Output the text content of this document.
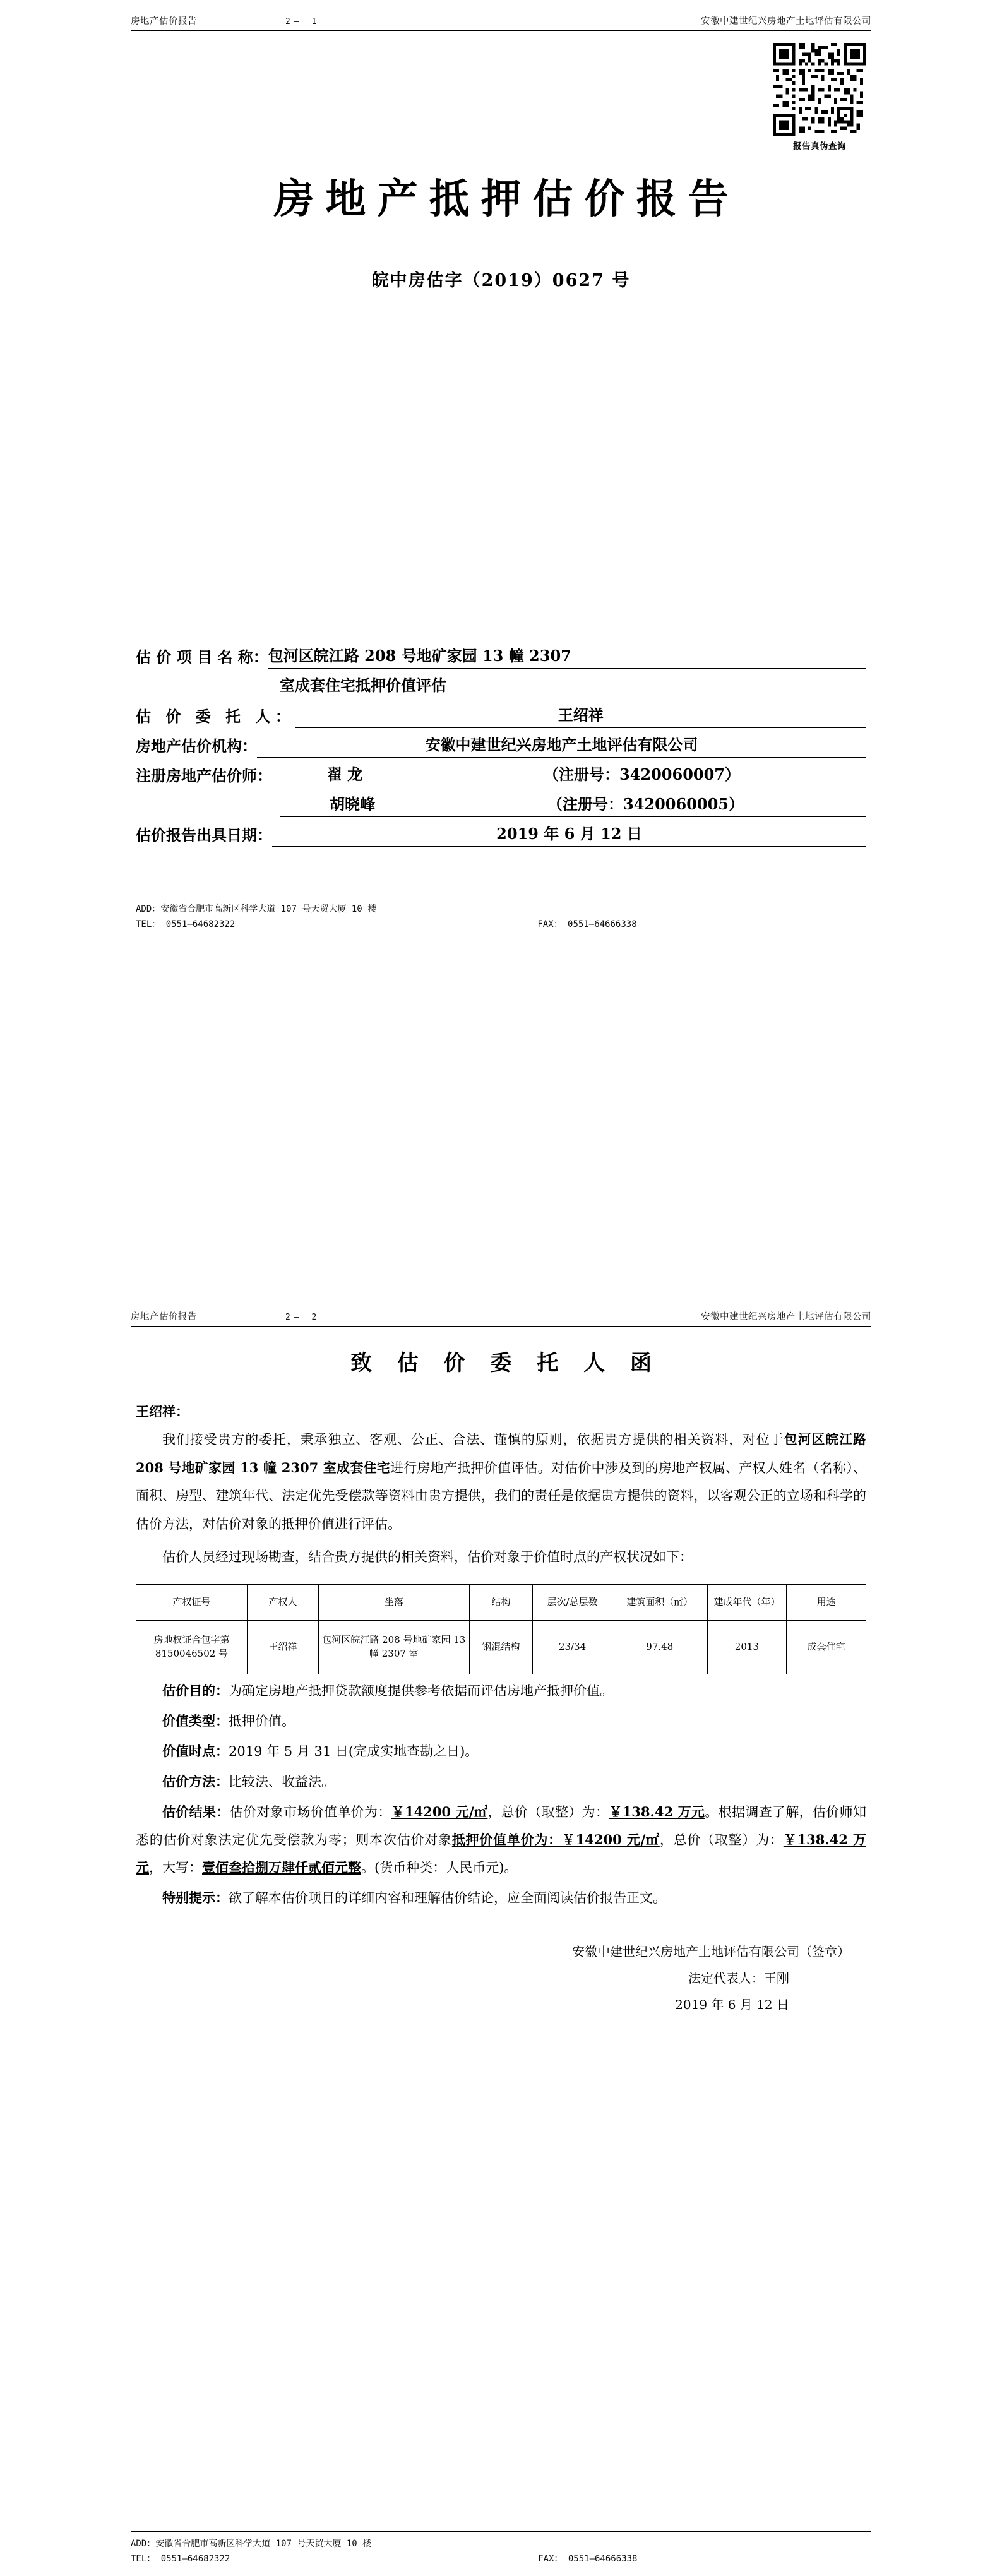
房地产估价报告	2— 1	安徽中建世纪兴房地产土地评估有限公司
报告真伪查询
房地产抵押估价报告
皖中房估字（2019）0627 号
估 价 项 目 名 称： 包河区皖江路 208 号地矿家园 13 幢 2307
室成套住宅抵押价值评估
估 价 委 托 人：	王绍祥
房地产估价机构：	安徽中建世纪兴房地产土地评估有限公司
注册房地产估价师：	翟 龙	（注册号：3420060007）
胡晓峰	（注册号：3420060005）
估价报告出具日期：	2019 年 6 月 12 日
ADD：安徽省合肥市高新区科学大道 107 号天贸大厦 10 楼
TEL： 0551—64682322	FAX： 0551—64666338
房地产估价报告	2— 2	安徽中建世纪兴房地产土地评估有限公司
致 估 价 委 托 人 函
王绍祥：
我们接受贵方的委托，秉承独立、客观、公正、合法、谨慎的原则，依据贵方提供的相关资料，对位于包河区皖江路 208 号地矿家园 13 幢 2307 室成套住宅进行房地产抵押价值评估。对估价中涉及到的房地产权属、产权人姓名（名称）、面积、房型、建筑年代、法定优先受偿款等资料由贵方提供，我们的责任是依据贵方提供的资料，以客观公正的立场和科学的估价方法，对估价对象的抵押价值进行评估。
估价人员经过现场勘查，结合贵方提供的相关资料，估价对象于价值时点的产权状况如下：
产权证号	产权人	坐落	结构	层次/总层数	建筑面积（㎡）	建成年代（年）	用途
房地权证合包字第 8150046502 号	王绍祥	包河区皖江路 208 号地矿家园 13 幢 2307 室	钢混结构	23/34	97.48	2013	成套住宅
估价目的：为确定房地产抵押贷款额度提供参考依据而评估房地产抵押价值。
价值类型：抵押价值。
价值时点：2019 年 5 月 31 日(完成实地查勘之日)。
估价方法：比较法、收益法。
估价结果：估价对象市场价值单价为：￥14200 元/㎡，总价（取整）为：￥138.42 万元。根据调查了解，估价师知悉的估价对象法定优先受偿款为零；则本次估价对象抵押价值单价为：￥14200 元/㎡，总价（取整）为：￥138.42 万元，大写：壹佰叁拾捌万肆仟贰佰元整。(货币种类：人民币元)。
特别提示：欲了解本估价项目的详细内容和理解估价结论，应全面阅读估价报告正文。
安徽中建世纪兴房地产土地评估有限公司（签章）
法定代表人：王刚
2019 年 6 月 12 日
ADD：安徽省合肥市高新区科学大道 107 号天贸大厦 10 楼
TEL： 0551—64682322	FAX： 0551—64666338
